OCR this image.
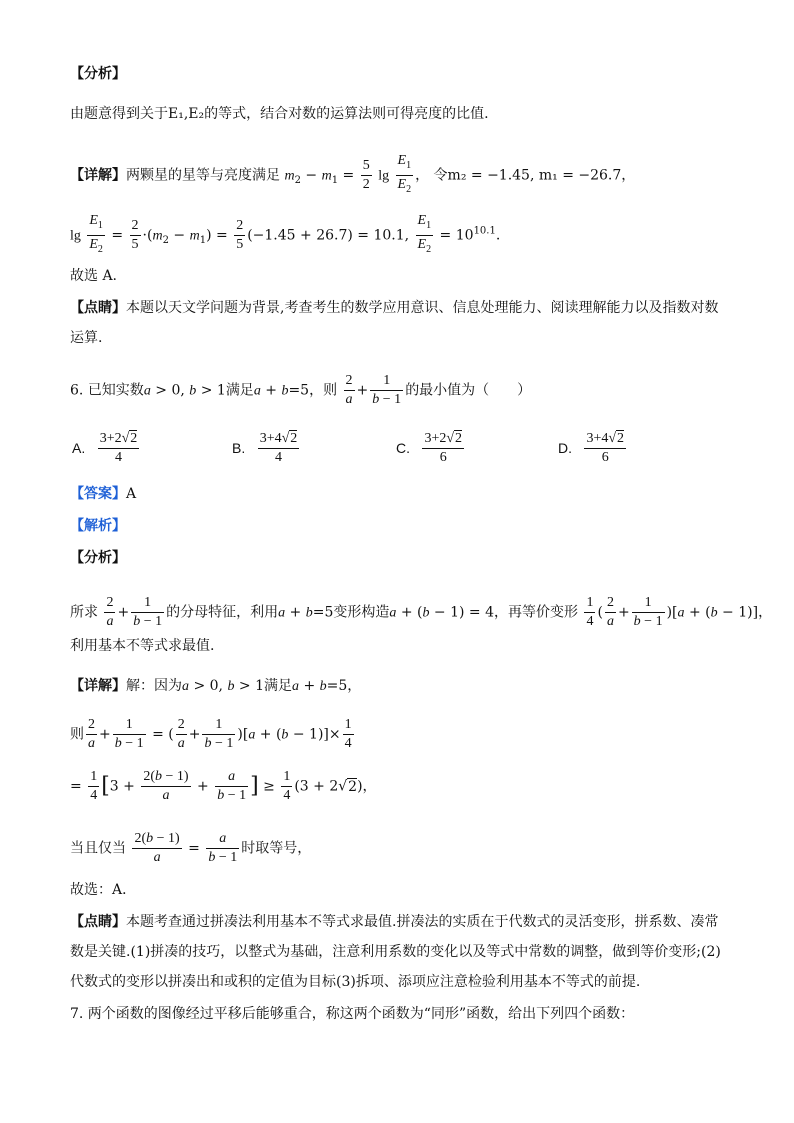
【分析】
由题意得到关于E₁,E₂的等式，结合对数的运算法则可得亮度的比值.
【详解】两颗星的星等与亮度满足 $m_2 - m_1 = \frac{5}{2}$ $\lg \frac{E_1}{E_2}$ ， 令m₂ = −1.45, m₁ = −26.7，
$\lg \frac{E_1}{E_2} = \frac{2}{5} \cdot(m_2 - m_1) = \frac{2}{5} (-1.45 + 26.7) = 10.1$, $\frac{E_1}{E_2} = 10^{10.1}$.
故选 A.
【点睛】本题以天文学问题为背景,考查考生的数学应用意识、信息处理能力、阅读理解能力以及指数对数
运算.
6. 已知实数a > 0, b > 1满足a + b=5，则 $\frac{2}{a} + \frac{1}{b - 1}$ 的最小值为（　　）
A. $\frac{3+2√2}{4}$	B. $\frac{3+4√2}{4}$	C. $\frac{3+2√2}{6}$	D. $\frac{3+4√2}{6}$
【答案】A
【解析】
【分析】
所求 $\frac{2}{a} + \frac{1}{b - 1}$ 的分母特征，利用a + b=5变形构造a + (b − 1) = 4，再等价变形 $\frac{1}{4}$ ( $\frac{2}{a} + \frac{1}{b - 1} )[a + (b - 1)]$，
利用基本不等式求最值.
【详解】解：因为a > 0, b > 1满足a + b=5，
则 $\frac{2}{a} + \frac{1}{b - 1}$ = ( $\frac{2}{a} + \frac{1}{b - 1} )[a + (b - 1)]\times \frac{1}{4}$
= $\frac{1}{4} [3 + \frac{2(b - 1)}{a} + \frac{a}{b - 1}$ ] ≥ $\frac{1}{4} (3 + 2√2)$，
当且仅当 $\frac{2(b - 1)}{a} = \frac{a}{b - 1}$ 时取等号，
故选：A．
【点睛】本题考查通过拼凑法利用基本不等式求最值.拼凑法的实质在于代数式的灵活变形，拼系数、凑常
数是关键.(1)拼凑的技巧，以整式为基础，注意利用系数的变化以及等式中常数的调整，做到等价变形;(2)
代数式的变形以拼凑出和或积的定值为目标(3)拆项、添项应注意检验利用基本不等式的前提.
7. 两个函数的图像经过平移后能够重合，称这两个函数为“同形”函数，给出下列四个函数：
